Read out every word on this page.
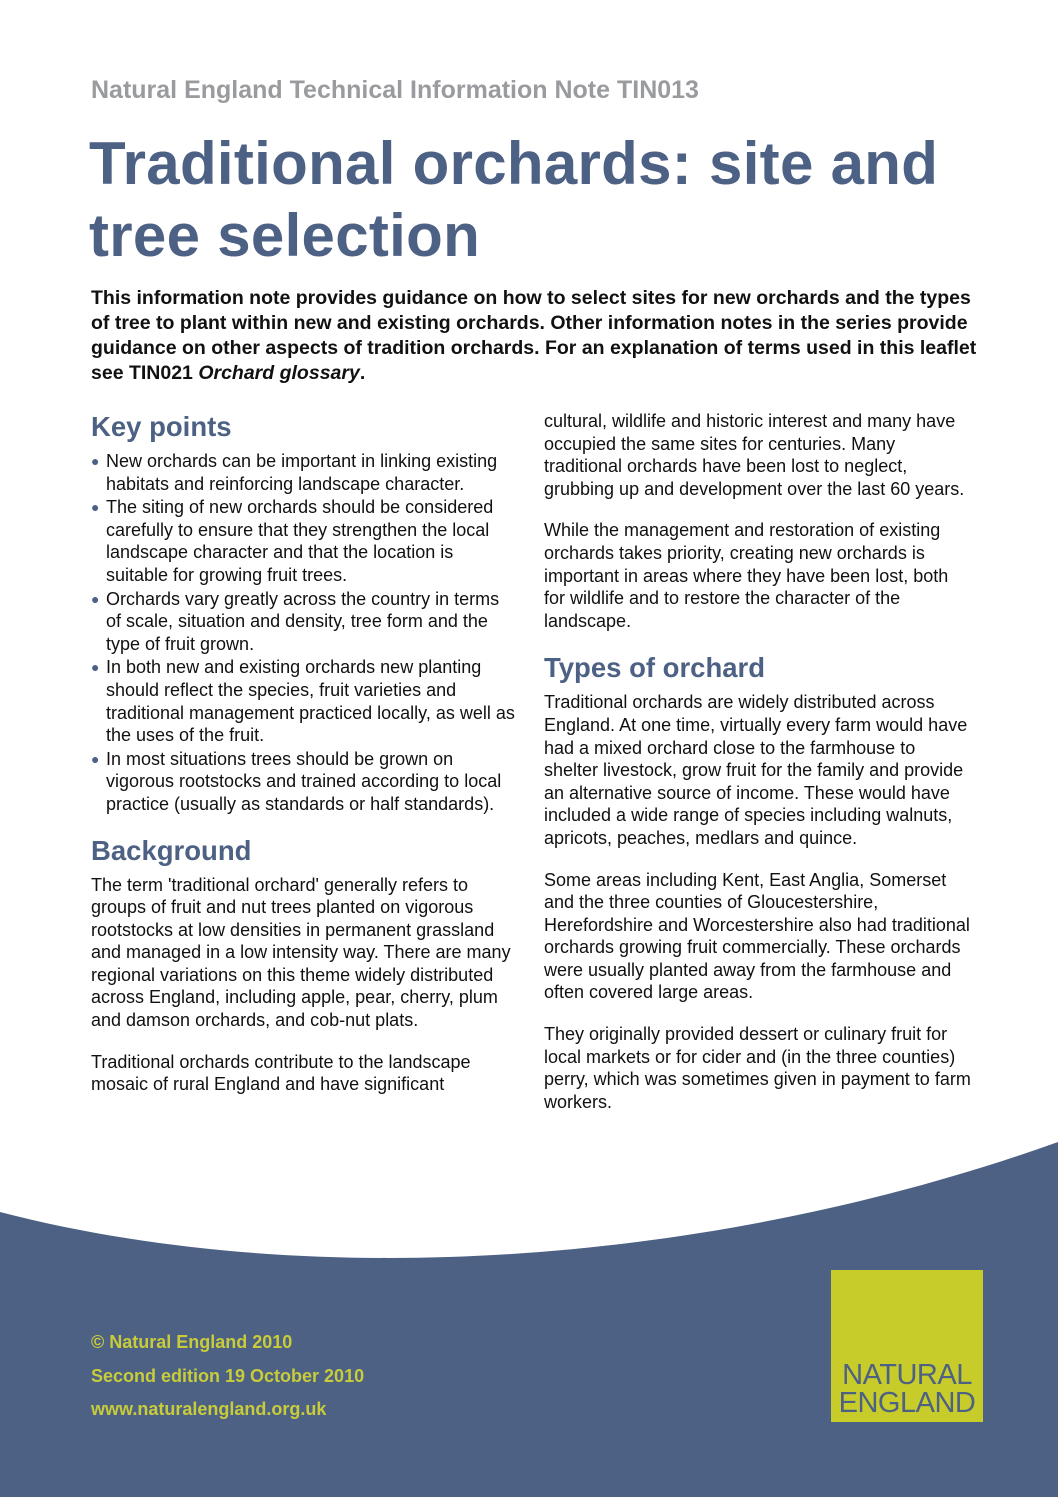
Natural England Technical Information Note TIN013
Traditional orchards: site and tree selection

This information note provides guidance on how to select sites for new orchards and the types of tree to plant within new and existing orchards. Other information notes in the series provide guidance on other aspects of tradition orchards. For an explanation of terms used in this leaflet see TIN021 Orchard glossary.

Key points
● New orchards can be important in linking existing habitats and reinforcing landscape character.
● The siting of new orchards should be considered carefully to ensure that they strengthen the local landscape character and that the location is suitable for growing fruit trees.
● Orchards vary greatly across the country in terms of scale, situation and density, tree form and the type of fruit grown.
● In both new and existing orchards new planting should reflect the species, fruit varieties and traditional management practiced locally, as well as the uses of the fruit.
● In most situations trees should be grown on vigorous rootstocks and trained according to local practice (usually as standards or half standards).
Background

The term 'traditional orchard' generally refers to groups of fruit and nut trees planted on vigorous rootstocks at low densities in permanent grassland and managed in a low intensity way. There are many regional variations on this theme widely distributed across England, including apple, pear, cherry, plum and damson orchards, and cob-nut plats.

Traditional orchards contribute to the landscape mosaic of rural England and have significant

cultural, wildlife and historic interest and many have occupied the same sites for centuries. Many traditional orchards have been lost to neglect, grubbing up and development over the last 60 years.

While the management and restoration of existing orchards takes priority, creating new orchards is important in areas where they have been lost, both for wildlife and to restore the character of the landscape.

Types of orchard

Traditional orchards are widely distributed across England. At one time, virtually every farm would have had a mixed orchard close to the farmhouse to shelter livestock, grow fruit for the family and provide an alternative source of income. These would have included a wide range of species including walnuts, apricots, peaches, medlars and quince.

Some areas including Kent, East Anglia, Somerset and the three counties of Gloucestershire, Herefordshire and Worcestershire also had traditional orchards growing fruit commercially. These orchards were usually planted away from the farmhouse and often covered large areas.

They originally provided dessert or culinary fruit for local markets or for cider and (in the three counties) perry, which was sometimes given in payment to farm workers.

© Natural England 2010
Second edition 19 October 2010
www.naturalengland.org.uk
NATURAL
ENGLAND
